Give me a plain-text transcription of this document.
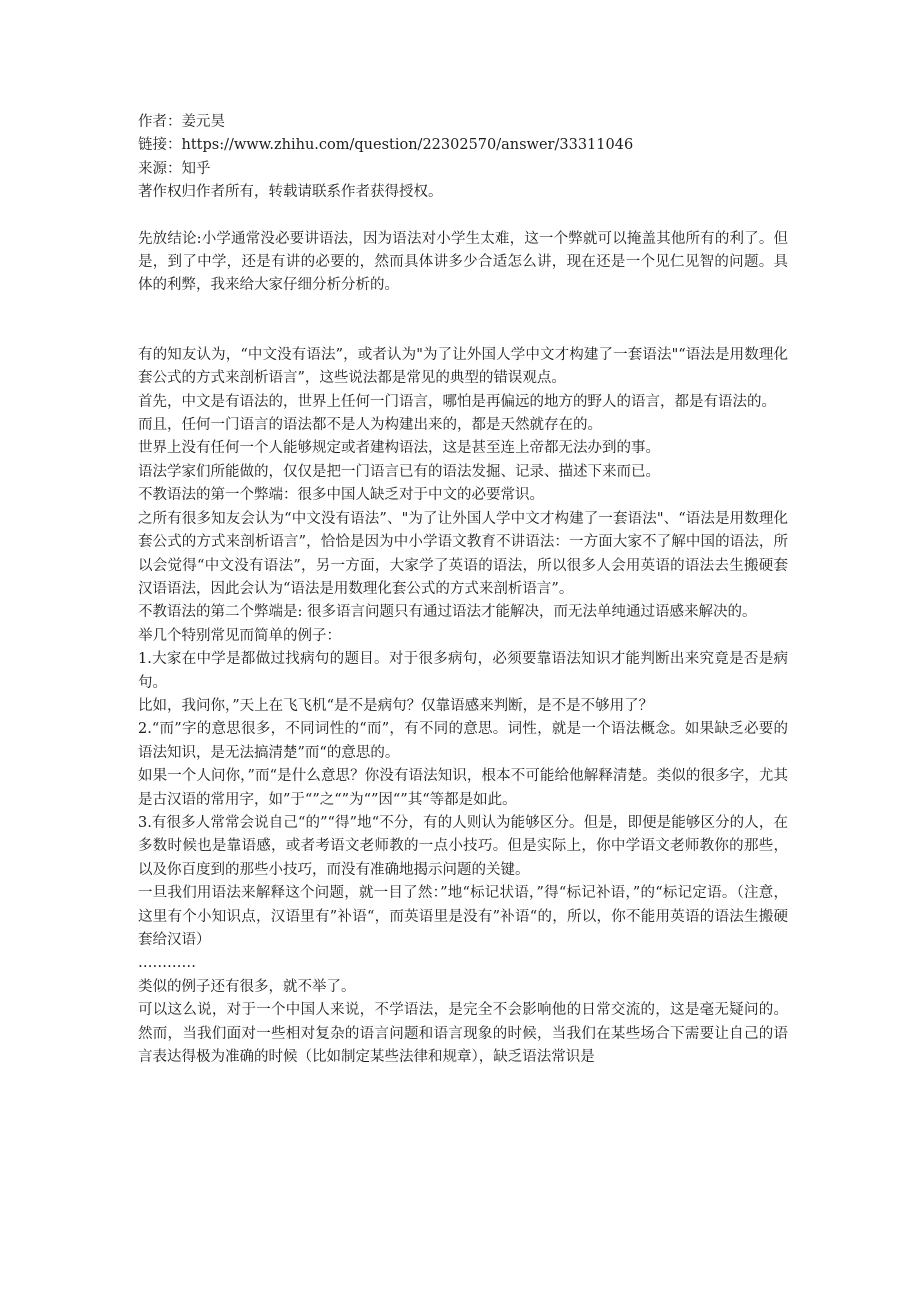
作者：姜元昊

链接：https://www.zhihu.com/question/22302570/answer/33311046

来源：知乎

著作权归作者所有，转载请联系作者获得授权。

先放结论:小学通常没必要讲语法，因为语法对小学生太难，这一个弊就可以掩盖其他所有的利了。但是，到了中学，还是有讲的必要的，然而具体讲多少合适怎么讲，现在还是一个见仁见智的问题。具体的利弊，我来给大家仔细分析分析的。

有的知友认为，“中文没有语法”，或者认为"为了让外国人学中文才构建了一套语法"“语法是用数理化套公式的方式来剖析语言”，这些说法都是常见的典型的错误观点。

首先，中文是有语法的，世界上任何一门语言，哪怕是再偏远的地方的野人的语言，都是有语法的。

而且，任何一门语言的语法都不是人为构建出来的，都是天然就存在的。

世界上没有任何一个人能够规定或者建构语法，这是甚至连上帝都无法办到的事。

语法学家们所能做的，仅仅是把一门语言已有的语法发掘、记录、描述下来而已。

不教语法的第一个弊端：很多中国人缺乏对于中文的必要常识。

之所有很多知友会认为“中文没有语法”、"为了让外国人学中文才构建了一套语法"、“语法是用数理化套公式的方式来剖析语言”，恰恰是因为中小学语文教育不讲语法：一方面大家不了解中国的语法，所以会觉得“中文没有语法”，另一方面，大家学了英语的语法，所以很多人会用英语的语法去生搬硬套汉语语法，因此会认为“语法是用数理化套公式的方式来剖析语言”。

不教语法的第二个弊端是: 很多语言问题只有通过语法才能解决，而无法单纯通过语感来解决的。

举几个特别常见而简单的例子：

1.大家在中学是都做过找病句的题目。对于很多病句，必须要靠语法知识才能判断出来究竟是否是病句。

比如，我问你，”天上在飞飞机“是不是病句？仅靠语感来判断，是不是不够用了？

2.“而”字的意思很多，不同词性的“而”，有不同的意思。词性，就是一个语法概念。如果缺乏必要的语法知识，是无法搞清楚”而“的意思的。

如果一个人问你，”而“是什么意思？你没有语法知识，根本不可能给他解释清楚。类似的很多字，尤其是古汉语的常用字，如”于“”之“”为“”因“”其“等都是如此。

3.有很多人常常会说自己“的”“得”地“不分，有的人则认为能够区分。但是，即便是能够区分的人，在多数时候也是靠语感，或者考语文老师教的一点小技巧。但是实际上，你中学语文老师教你的那些，以及你百度到的那些小技巧，而没有准确地揭示问题的关键。

一旦我们用语法来解释这个问题，就一目了然：”地“标记状语，”得“标记补语，”的“标记定语。（注意，这里有个小知识点，汉语里有”补语“，而英语里是没有”补语“的，所以，你不能用英语的语法生搬硬套给汉语）

…………

类似的例子还有很多，就不举了。

可以这么说，对于一个中国人来说，不学语法，是完全不会影响他的日常交流的，这是毫无疑问的。然而，当我们面对一些相对复杂的语言问题和语言现象的时候，当我们在某些场合下需要让自己的语言表达得极为准确的时候（比如制定某些法律和规章），缺乏语法常识是
